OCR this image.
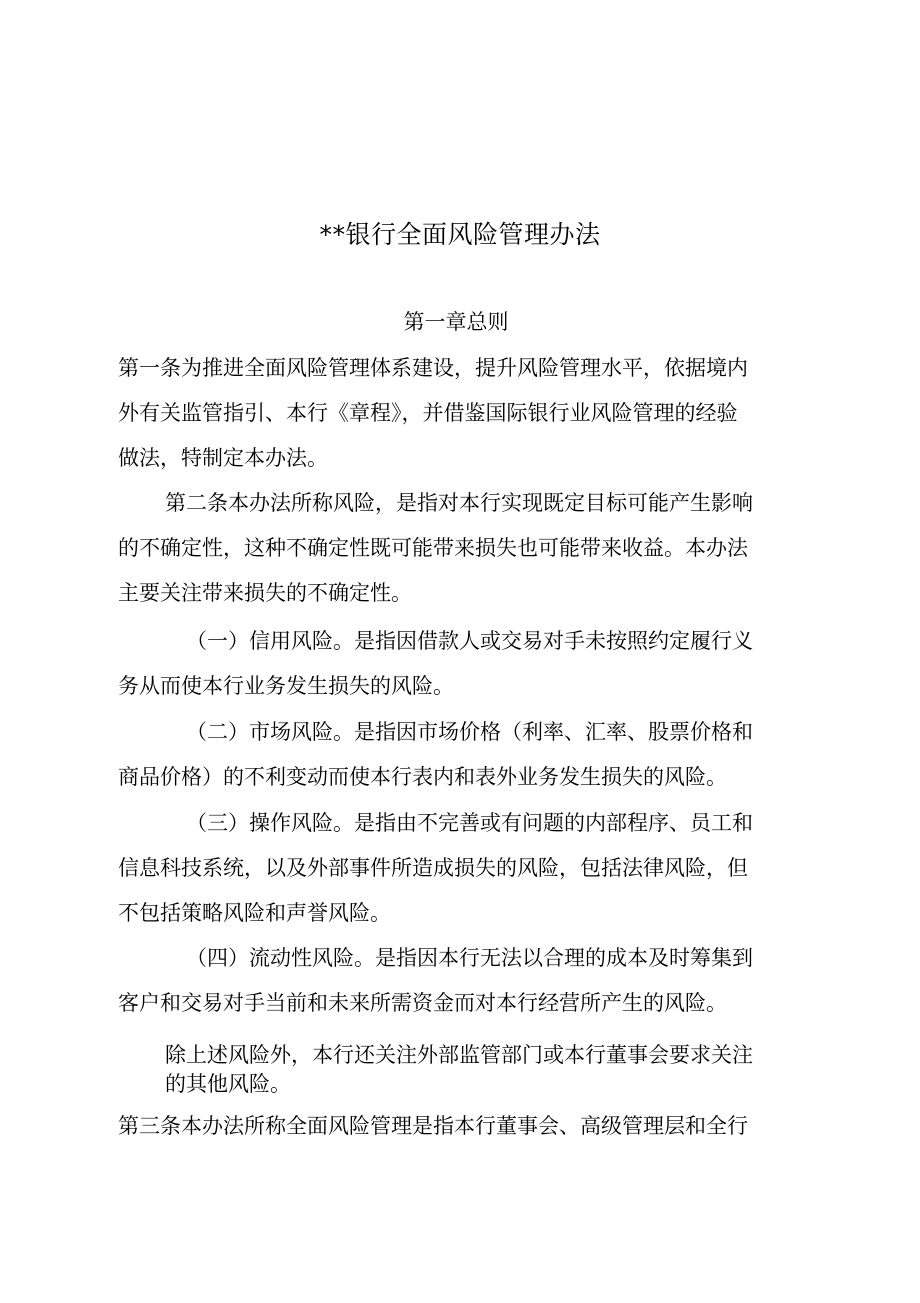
**银行全面风险管理办法
第一章总则
第一条为推进全面风险管理体系建设，提升风险管理水平，依据境内
外有关监管指引、本行《章程》，并借鉴国际银行业风险管理的经验
做法，特制定本办法。
第二条本办法所称风险，是指对本行实现既定目标可能产生影响
的不确定性，这种不确定性既可能带来损失也可能带来收益。本办法
主要关注带来损失的不确定性。
（一）信用风险。是指因借款人或交易对手未按照约定履行义
务从而使本行业务发生损失的风险。
（二）市场风险。是指因市场价格（利率、汇率、股票价格和
商品价格）的不利变动而使本行表内和表外业务发生损失的风险。
（三）操作风险。是指由不完善或有问题的内部程序、员工和
信息科技系统，以及外部事件所造成损失的风险，包括法律风险，但
不包括策略风险和声誉风险。
（四）流动性风险。是指因本行无法以合理的成本及时筹集到
客户和交易对手当前和未来所需资金而对本行经营所产生的风险。
除上述风险外，本行还关注外部监管部门或本行董事会要求关注
的其他风险。
第三条本办法所称全面风险管理是指本行董事会、高级管理层和全行
